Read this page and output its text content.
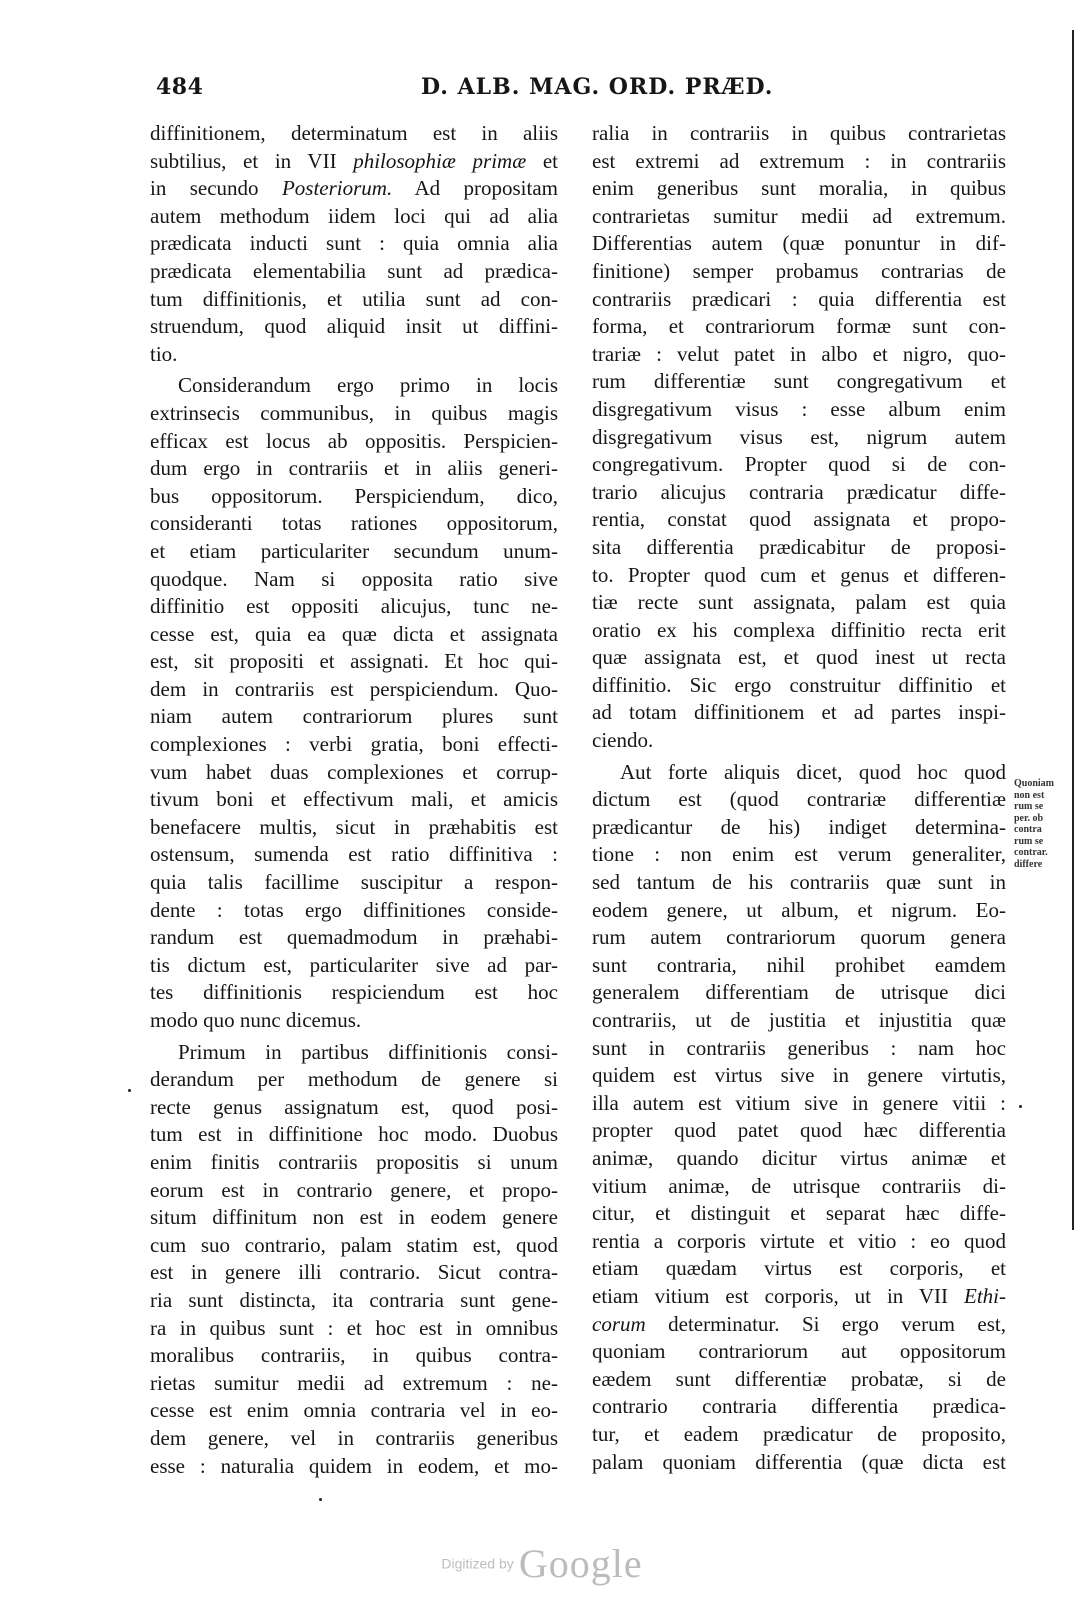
484	D. ALB. MAG. ORD. PRÆD.

diffinitionem, determinatum est in aliis
subtilius, et in VII philosophiæ primæ et
in secundo Posteriorum. Ad propositam
autem methodum iidem loci qui ad alia
prædicata inducti sunt : quia omnia alia
prædicata elementabilia sunt ad prædica-
tum diffinitionis, et utilia sunt ad con-
struendum, quod aliquid insit ut diffini-
tio.

Considerandum ergo primo in locis
extrinsecis communibus, in quibus magis
efficax est locus ab oppositis. Perspicien-
dum ergo in contrariis et in aliis generi-
bus oppositorum. Perspiciendum, dico,
consideranti totas rationes oppositorum,
et etiam particulariter secundum unum-
quodque. Nam si opposita ratio sive
diffinitio est oppositi alicujus, tunc ne-
cesse est, quia ea quæ dicta et assignata
est, sit propositi et assignati. Et hoc qui-
dem in contrariis est perspiciendum. Quo-
niam autem contrariorum plures sunt
complexiones : verbi gratia, boni effecti-
vum habet duas complexiones et corrup-
tivum boni et effectivum mali, et amicis
benefacere multis, sicut in præhabitis est
ostensum, sumenda est ratio diffinitiva :
quia talis facillime suscipitur a respon-
dente : totas ergo diffinitiones conside-
randum est quemadmodum in præhabi-
tis dictum est, particulariter sive ad par-
tes diffinitionis respiciendum est hoc
modo quo nunc dicemus.

Primum in partibus diffinitionis consi-
derandum per methodum de genere si
recte genus assignatum est, quod posi-
tum est in diffinitione hoc modo. Duobus
enim finitis contrariis propositis si unum
eorum est in contrario genere, et propo-
situm diffinitum non est in eodem genere
cum suo contrario, palam statim est, quod
est in genere illi contrario. Sicut contra-
ria sunt distincta, ita contraria sunt gene-
ra in quibus sunt : et hoc est in omnibus
moralibus contrariis, in quibus contra-
rietas sumitur medii ad extremum : ne-
cesse est enim omnia contraria vel in eo-
dem genere, vel in contrariis generibus
esse : naturalia quidem in eodem, et mo-

ralia in contrariis in quibus contrarietas
est extremi ad extremum : in contrariis
enim generibus sunt moralia, in quibus
contrarietas sumitur medii ad extremum.
Differentias autem (quæ ponuntur in dif-
finitione) semper probamus contrarias de
contrariis prædicari : quia differentia est
forma, et contrariorum formæ sunt con-
trariæ : velut patet in albo et nigro, quo-
rum differentiæ sunt congregativum et
disgregativum visus : esse album enim
disgregativum visus est, nigrum autem
congregativum. Propter quod si de con-
trario alicujus contraria prædicatur diffe-
rentia, constat quod assignata et propo-
sita differentia prædicabitur de proposi-
to. Propter quod cum et genus et differen-
tiæ recte sunt assignata, palam est quia
oratio ex his complexa diffinitio recta erit
quæ assignata est, et quod inest ut recta
diffinitio. Sic ergo construitur diffinitio et
ad totam diffinitionem et ad partes inspi-
ciendo.

Aut forte aliquis dicet, quod hoc quod
dictum est (quod contrariæ differentiæ
prædicantur de his) indiget determina-
tione : non enim est verum generaliter,
sed tantum de his contrariis quæ sunt in
eodem genere, ut album, et nigrum. Eo-
rum autem contrariorum quorum genera
sunt contraria, nihil prohibet eamdem
generalem differentiam de utrisque dici
contrariis, ut de justitia et injustitia quæ
sunt in contrariis generibus : nam hoc
quidem est virtus sive in genere virtutis,
illa autem est vitium sive in genere vitii :
propter quod patet quod hæc differentia
animæ, quando dicitur virtus animæ et
vitium animæ, de utrisque contrariis di-
citur, et distinguit et separat hæc diffe-
rentia a corporis virtute et vitio : eo quod
etiam quædam virtus est corporis, et
etiam vitium est corporis, ut in VII Ethi-
corum determinatur. Si ergo verum est,
quoniam contrariorum aut oppositorum
eædem sunt differentiæ probatæ, si de
contrario contraria differentia prædica-
tur, et eadem prædicatur de proposito,
palam quoniam differentia (quæ dicta est

Quoniam
non est
rum se
per. ob
contra
rum se
contrar.
differe
Digitized by Google
